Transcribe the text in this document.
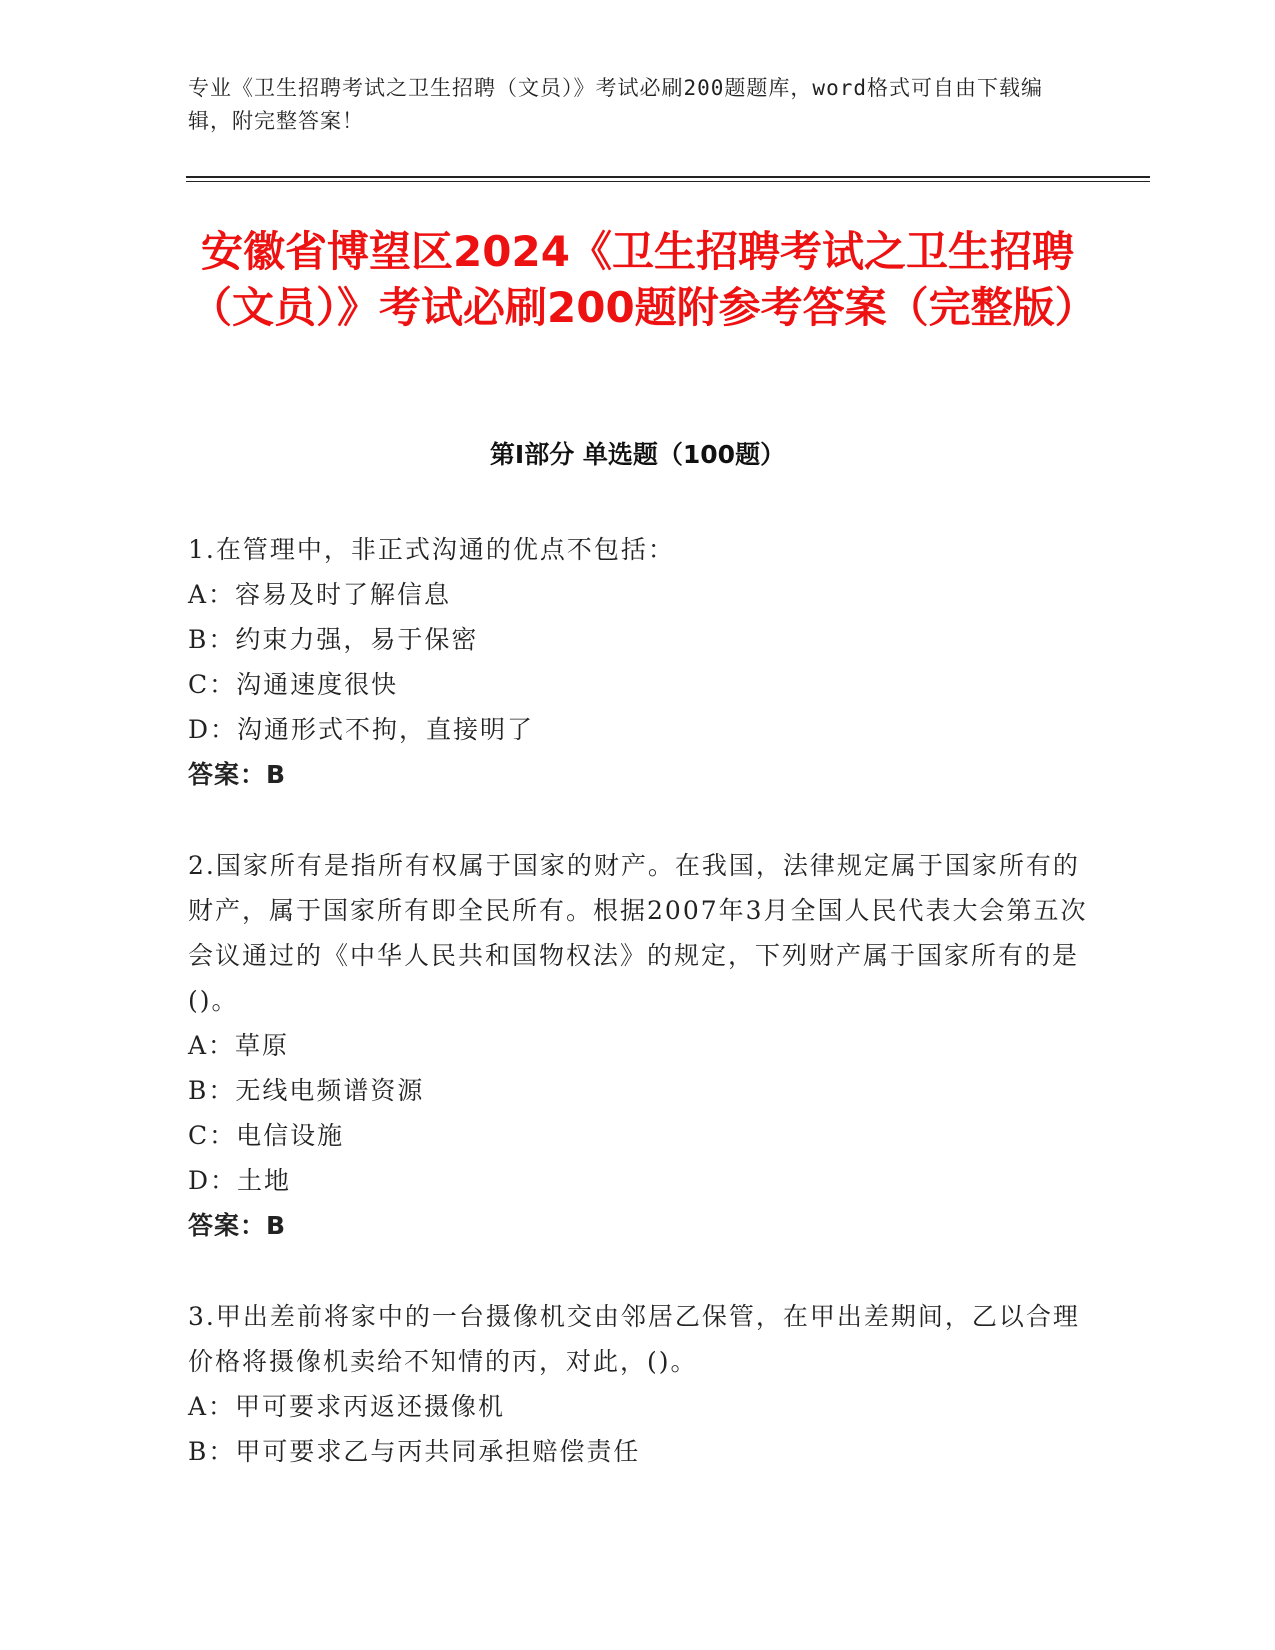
专业《卫生招聘考试之卫生招聘（文员）》考试必刷200题题库，word格式可自由下载编辑，附完整答案！
安徽省博望区2024《卫生招聘考试之卫生招聘（文员）》考试必刷200题附参考答案（完整版）
第Ⅰ部分 单选题（100题）
1.在管理中，非正式沟通的优点不包括：
A：容易及时了解信息
B：约束力强，易于保密
C：沟通速度很快
D：沟通形式不拘，直接明了
答案：B
2.国家所有是指所有权属于国家的财产。在我国，法律规定属于国家所有的财产，属于国家所有即全民所有。根据2007年3月全国人民代表大会第五次会议通过的《中华人民共和国物权法》的规定，下列财产属于国家所有的是()。
A：草原
B：无线电频谱资源
C：电信设施
D：土地
答案：B
3.甲出差前将家中的一台摄像机交由邻居乙保管，在甲出差期间，乙以合理价格将摄像机卖给不知情的丙，对此，()。
A：甲可要求丙返还摄像机
B：甲可要求乙与丙共同承担赔偿责任
